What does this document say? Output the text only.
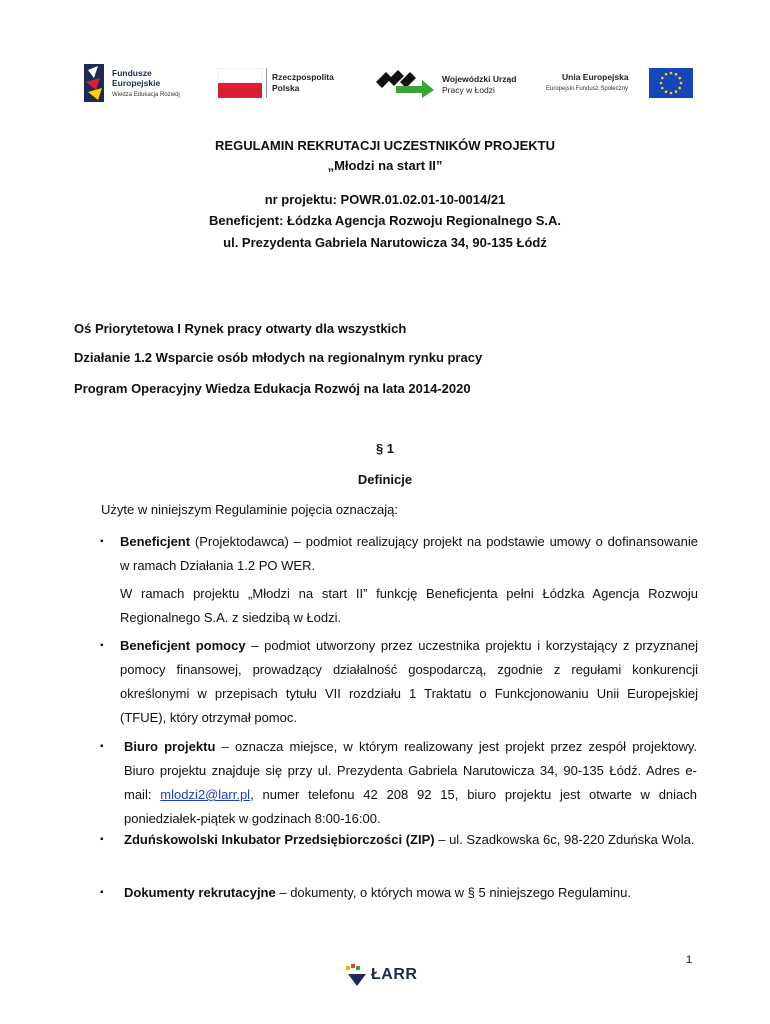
Fundusze
Europejskie
Wiedza Edukacja Rozwój
Rzeczpospolita
Polska
Wojewódzki Urząd
Pracy w Łodzi
Unia Europejska
Europejski Fundusz Społeczny
REGULAMIN REKRUTACJI UCZESTNIKÓW PROJEKTU
„Młodzi na start II”
nr projektu: POWR.01.02.01-10-0014/21
Beneficjent: Łódzka Agencja Rozwoju Regionalnego S.A.
ul. Prezydenta Gabriela Narutowicza 34, 90-135 Łódź
Oś Priorytetowa I Rynek pracy otwarty dla wszystkich
Działanie 1.2 Wsparcie osób młodych na regionalnym rynku pracy
Program Operacyjny Wiedza Edukacja Rozwój na lata 2014-2020
§ 1
Definicje
Użyte w niniejszym Regulaminie pojęcia oznaczają:
▪ Beneficjent (Projektodawca) – podmiot realizujący projekt na podstawie umowy o dofinansowanie w ramach Działania 1.2 PO WER.
W ramach projektu „Młodzi na start II” funkcję Beneficjenta pełni Łódzka Agencja Rozwoju Regionalnego S.A. z siedzibą w Łodzi.
▪ Beneficjent pomocy – podmiot utworzony przez uczestnika projektu i korzystający z przyznanej pomocy finansowej, prowadzący działalność gospodarczą, zgodnie z regułami konkurencji określonymi w przepisach tytułu VII rozdziału 1 Traktatu o Funkcjonowaniu Unii Europejskiej (TFUE), który otrzymał pomoc.
▪ Biuro projektu – oznacza miejsce, w którym realizowany jest projekt przez zespół projektowy. Biuro projektu znajduje się przy ul. Prezydenta Gabriela Narutowicza 34, 90-135 Łódź. Adres e-mail: mlodzi2@larr.pl, numer telefonu 42 208 92 15, biuro projektu jest otwarte w dniach poniedziałek-piątek w godzinach 8:00-16:00.
▪ Zduńskowolski Inkubator Przedsiębiorczości (ZIP) – ul. Szadkowska 6c, 98-220 Zduńska Wola.
▪ Dokumenty rekrutacyjne – dokumenty, o których mowa w § 5 niniejszego Regulaminu.
1
ŁARR
